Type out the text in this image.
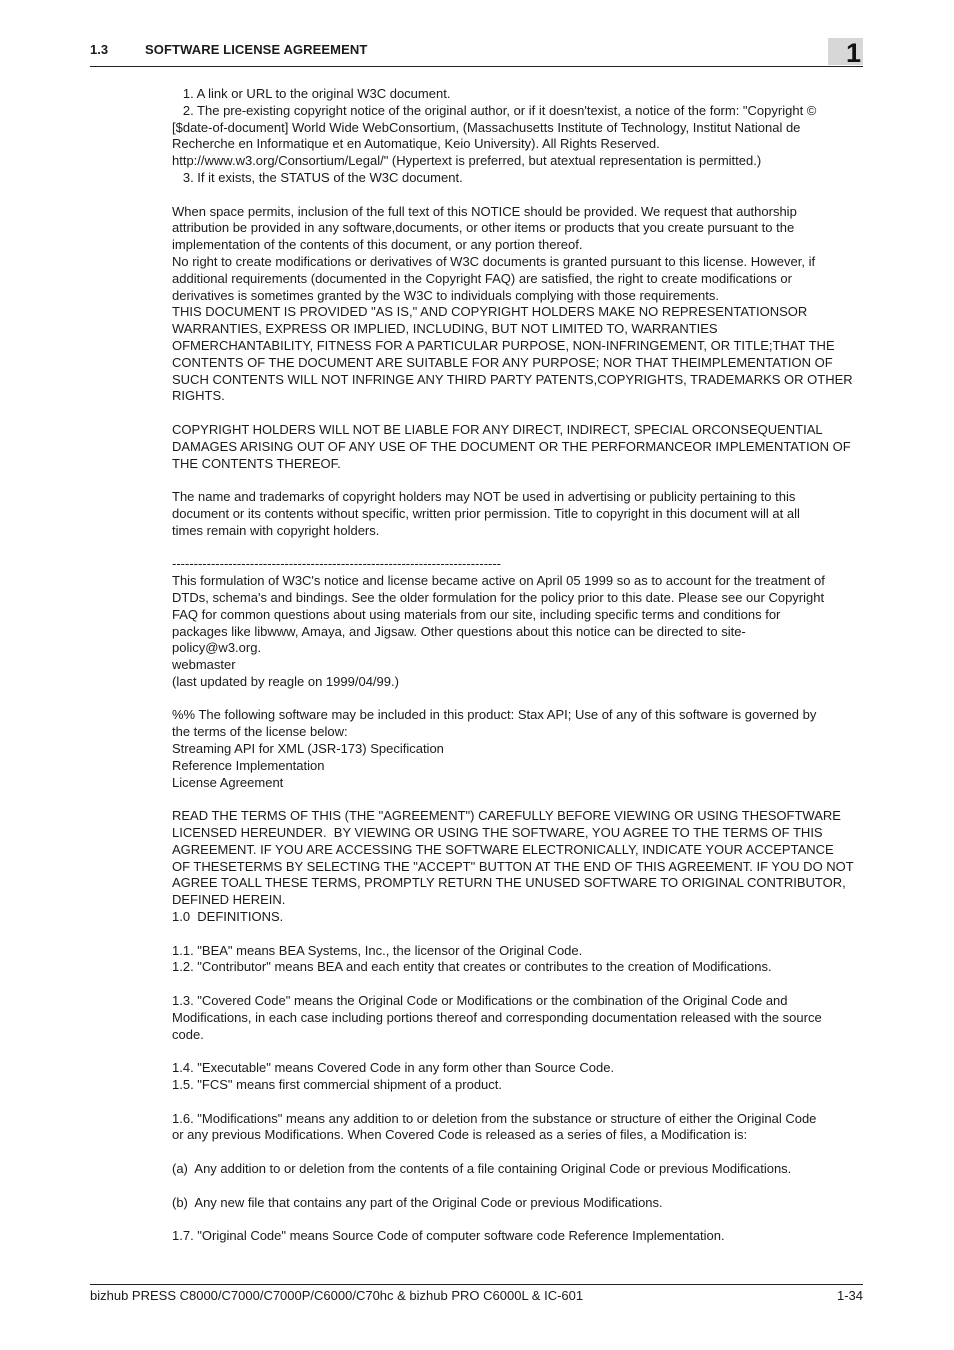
1.3	SOFTWARE LICENSE AGREEMENT	1
1. A link or URL to the original W3C document.
2. The pre-existing copyright notice of the original author, or if it doesn'texist, a notice of the form: "Copyright ©
[$date-of-document] World Wide WebConsortium, (Massachusetts Institute of Technology, Institut National de
Recherche en Informatique et en Automatique, Keio University). All Rights Reserved.
http://www.w3.org/Consortium/Legal/" (Hypertext is preferred, but atextual representation is permitted.)
3. If it exists, the STATUS of the W3C document.
When space permits, inclusion of the full text of this NOTICE should be provided. We request that authorship
attribution be provided in any software,documents, or other items or products that you create pursuant to the
implementation of the contents of this document, or any portion thereof.
No right to create modifications or derivatives of W3C documents is granted pursuant to this license. However, if
additional requirements (documented in the Copyright FAQ) are satisfied, the right to create modifications or
derivatives is sometimes granted by the W3C to individuals complying with those requirements.
THIS DOCUMENT IS PROVIDED "AS IS," AND COPYRIGHT HOLDERS MAKE NO REPRESENTATIONSOR
WARRANTIES, EXPRESS OR IMPLIED, INCLUDING, BUT NOT LIMITED TO, WARRANTIES
OFMERCHANTABILITY, FITNESS FOR A PARTICULAR PURPOSE, NON-INFRINGEMENT, OR TITLE;THAT THE
CONTENTS OF THE DOCUMENT ARE SUITABLE FOR ANY PURPOSE; NOR THAT THEIMPLEMENTATION OF
SUCH CONTENTS WILL NOT INFRINGE ANY THIRD PARTY PATENTS,COPYRIGHTS, TRADEMARKS OR OTHER
RIGHTS.
COPYRIGHT HOLDERS WILL NOT BE LIABLE FOR ANY DIRECT, INDIRECT, SPECIAL ORCONSEQUENTIAL
DAMAGES ARISING OUT OF ANY USE OF THE DOCUMENT OR THE PERFORMANCEOR IMPLEMENTATION OF
THE CONTENTS THEREOF.
The name and trademarks of copyright holders may NOT be used in advertising or publicity pertaining to this
document or its contents without specific, written prior permission. Title to copyright in this document will at all
times remain with copyright holders.
----------------------------------------------------------------------------
This formulation of W3C's notice and license became active on April 05 1999 so as to account for the treatment of
DTDs, schema's and bindings. See the older formulation for the policy prior to this date. Please see our Copyright
FAQ for common questions about using materials from our site, including specific terms and conditions for
packages like libwww, Amaya, and Jigsaw. Other questions about this notice can be directed to site-
policy@w3.org.
webmaster
(last updated by reagle on 1999/04/99.)
%% The following software may be included in this product: Stax API; Use of any of this software is governed by
the terms of the license below:
Streaming API for XML (JSR-173) Specification
Reference Implementation
License Agreement
READ THE TERMS OF THIS (THE "AGREEMENT") CAREFULLY BEFORE VIEWING OR USING THESOFTWARE
LICENSED HEREUNDER.  BY VIEWING OR USING THE SOFTWARE, YOU AGREE TO THE TERMS OF THIS
AGREEMENT. IF YOU ARE ACCESSING THE SOFTWARE ELECTRONICALLY, INDICATE YOUR ACCEPTANCE
OF THESETERMS BY SELECTING THE "ACCEPT" BUTTON AT THE END OF THIS AGREEMENT. IF YOU DO NOT
AGREE TOALL THESE TERMS, PROMPTLY RETURN THE UNUSED SOFTWARE TO ORIGINAL CONTRIBUTOR,
DEFINED HEREIN.
1.0  DEFINITIONS.
1.1. "BEA" means BEA Systems, Inc., the licensor of the Original Code.
1.2. "Contributor" means BEA and each entity that creates or contributes to the creation of Modifications.
1.3. "Covered Code" means the Original Code or Modifications or the combination of the Original Code and
Modifications, in each case including portions thereof and corresponding documentation released with the source
code.
1.4. "Executable" means Covered Code in any form other than Source Code.
1.5. "FCS" means first commercial shipment of a product.
1.6. "Modifications" means any addition to or deletion from the substance or structure of either the Original Code
or any previous Modifications. When Covered Code is released as a series of files, a Modification is:
(a)  Any addition to or deletion from the contents of a file containing Original Code or previous Modifications.
(b)  Any new file that contains any part of the Original Code or previous Modifications.
1.7. "Original Code" means Source Code of computer software code Reference Implementation.
bizhub PRESS C8000/C7000/C7000P/C6000/C70hc & bizhub PRO C6000L & IC-601	1-34
